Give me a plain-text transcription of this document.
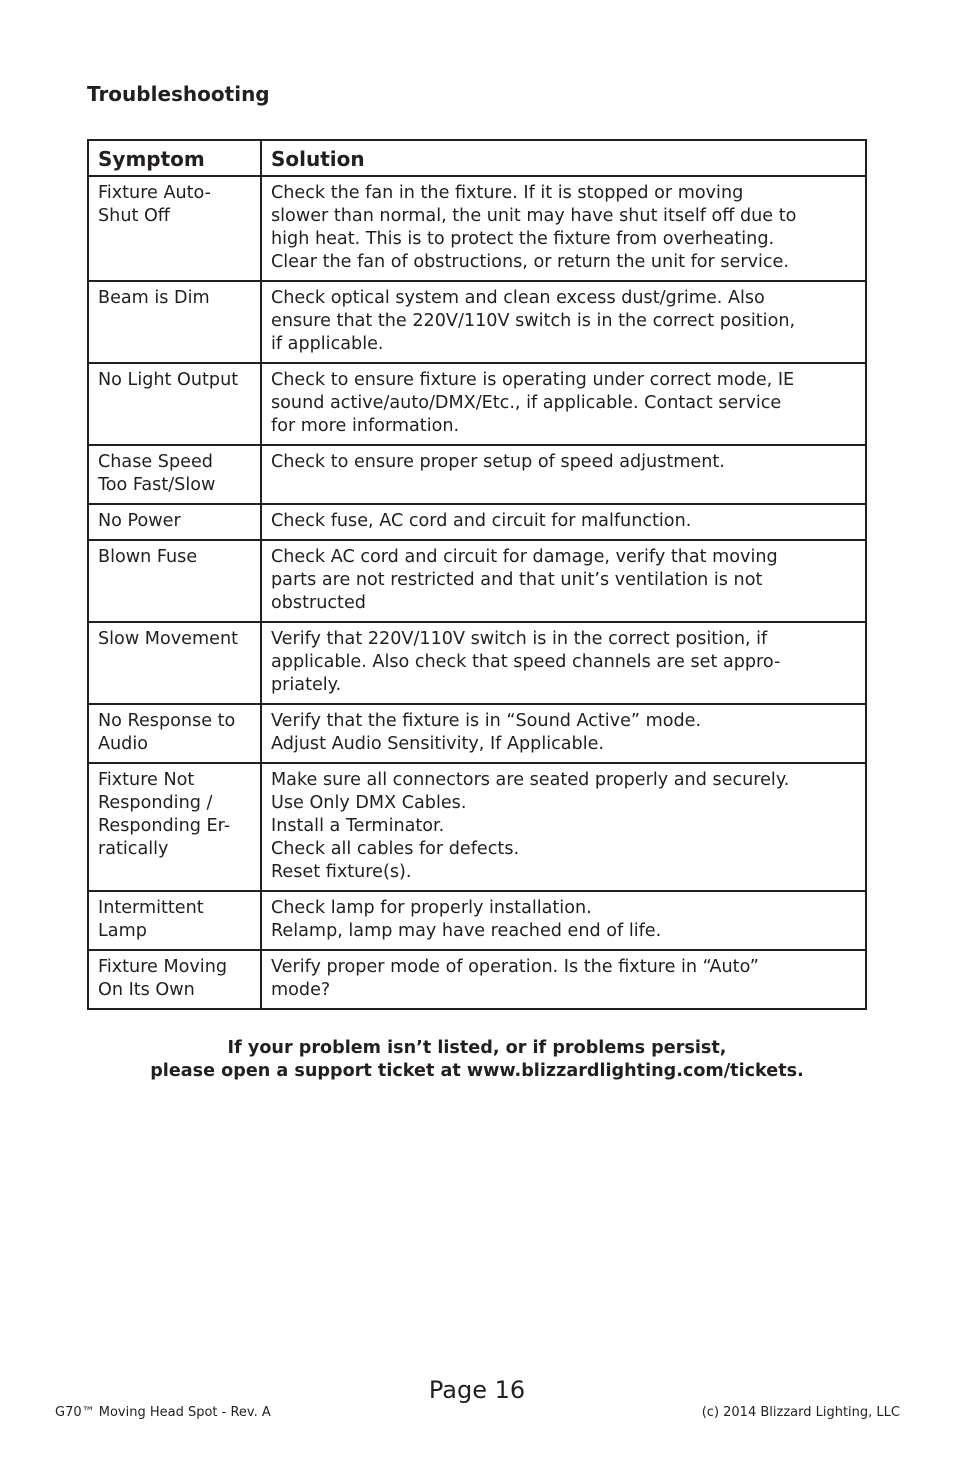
Troubleshooting
Symptom	Solution

Fixture Auto-
Shut Off	Check the fan in the fixture. If it is stopped or moving
slower than normal, the unit may have shut itself off due to
high heat. This is to protect the fixture from overheating.
Clear the fan of obstructions, or return the unit for service.

Beam is Dim	Check optical system and clean excess dust/grime. Also
ensure that the 220V/110V switch is in the correct position,
if applicable.

No Light Output	Check to ensure fixture is operating under correct mode, IE
sound active/auto/DMX/Etc., if applicable. Contact service
for more information.

Chase Speed
Too Fast/Slow	Check to ensure proper setup of speed adjustment.

No Power	Check fuse, AC cord and circuit for malfunction.

Blown Fuse	Check AC cord and circuit for damage, verify that moving
parts are not restricted and that unit’s ventilation is not
obstructed

Slow Movement	Verify that 220V/110V switch is in the correct position, if
applicable. Also check that speed channels are set appro-
priately.

No Response to
Audio	Verify that the fixture is in “Sound Active” mode.
Adjust Audio Sensitivity, If Applicable.

Fixture Not
Responding /
Responding Er-
ratically	Make sure all connectors are seated properly and securely.
Use Only DMX Cables.
Install a Terminator.
Check all cables for defects.
Reset fixture(s).

Intermittent
Lamp	Check lamp for properly installation.
Relamp, lamp may have reached end of life.

Fixture Moving
On Its Own	Verify proper mode of operation. Is the fixture in “Auto”
mode?
If your problem isn’t listed, or if problems persist,
please open a support ticket at www.blizzardlighting.com/tickets.
Page 16
G70™ Moving Head Spot - Rev. A	(c) 2014 Blizzard Lighting, LLC
